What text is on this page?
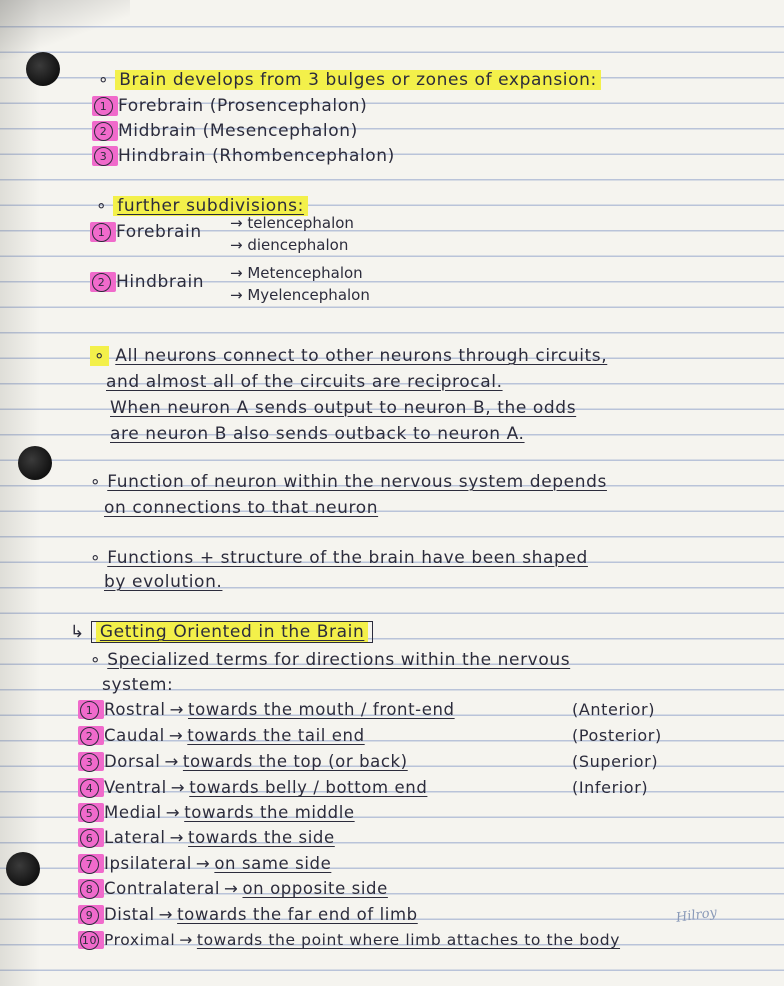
∘ Brain develops from 3 bulges or zones of expansion:
1 Forebrain (Prosencephalon)
2 Midbrain (Mesencephalon)
3 Hindbrain (Rhombencephalon)
∘ further subdivisions:
1 Forebrain → telencephalon
→ diencephalon
2 Hindbrain → Metencephalon
→ Myelencephalon
∘ All neurons connect to other neurons through circuits,
and almost all of the circuits are reciprocal.
When neuron A sends output to neuron B, the odds
are neuron B also sends outback to neuron A.
∘ Function of neuron within the nervous system depends
on connections to that neuron
∘ Functions + structure of the brain have been shaped
by evolution.
↳ Getting Oriented in the Brain
∘ Specialized terms for directions within the nervous
system:
1 Rostral → towards the mouth / front-end	(Anterior)
2 Caudal → towards the tail end	(Posterior)
3 Dorsal → towards the top (or back)	(Superior)
4 Ventral → towards belly / bottom end	(Inferior)
5 Medial → towards the middle
6 Lateral → towards the side
7 Ipsilateral → on same side
8 Contralateral → on opposite side
9 Distal → towards the far end of limb
10 Proximal → towards the point where limb attaches to the body
Hilroy
